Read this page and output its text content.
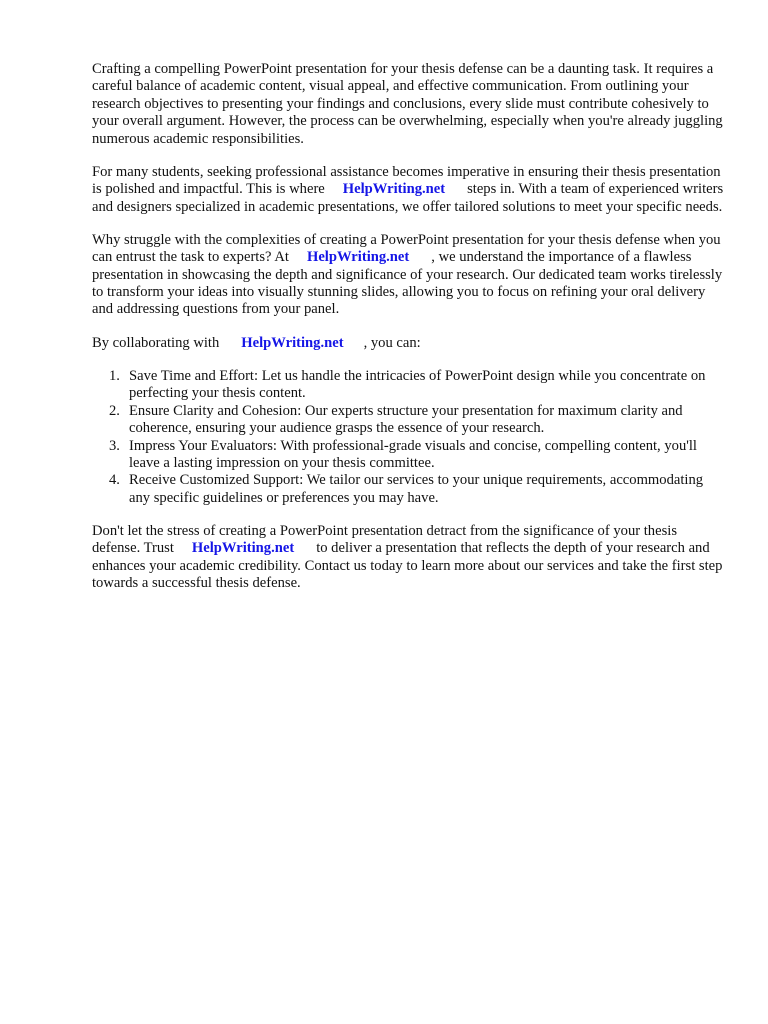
Crafting a compelling PowerPoint presentation for your thesis defense can be a daunting task. It requires a careful balance of academic content, visual appeal, and effective communication. From outlining your research objectives to presenting your findings and conclusions, every slide must contribute cohesively to your overall argument. However, the process can be overwhelming, especially when you're already juggling numerous academic responsibilities.

For many students, seeking professional assistance becomes imperative in ensuring their thesis presentation is polished and impactful. This is where HelpWriting.net steps in. With a team of experienced writers and designers specialized in academic presentations, we offer tailored solutions to meet your specific needs.

Why struggle with the complexities of creating a PowerPoint presentation for your thesis defense when you can entrust the task to experts? At HelpWriting.net , we understand the importance of a flawless presentation in showcasing the depth and significance of your research. Our dedicated team works tirelessly to transform your ideas into visually stunning slides, allowing you to focus on refining your oral delivery and addressing questions from your panel.

By collaborating with HelpWriting.net , you can:

1. Save Time and Effort: Let us handle the intricacies of PowerPoint design while you concentrate on perfecting your thesis content.
2. Ensure Clarity and Cohesion: Our experts structure your presentation for maximum clarity and coherence, ensuring your audience grasps the essence of your research.
3. Impress Your Evaluators: With professional-grade visuals and concise, compelling content, you'll leave a lasting impression on your thesis committee.
4. Receive Customized Support: We tailor our services to your unique requirements, accommodating any specific guidelines or preferences you may have.

Don't let the stress of creating a PowerPoint presentation detract from the significance of your thesis defense. Trust HelpWriting.net to deliver a presentation that reflects the depth of your research and enhances your academic credibility. Contact us today to learn more about our services and take the first step towards a successful thesis defense.
